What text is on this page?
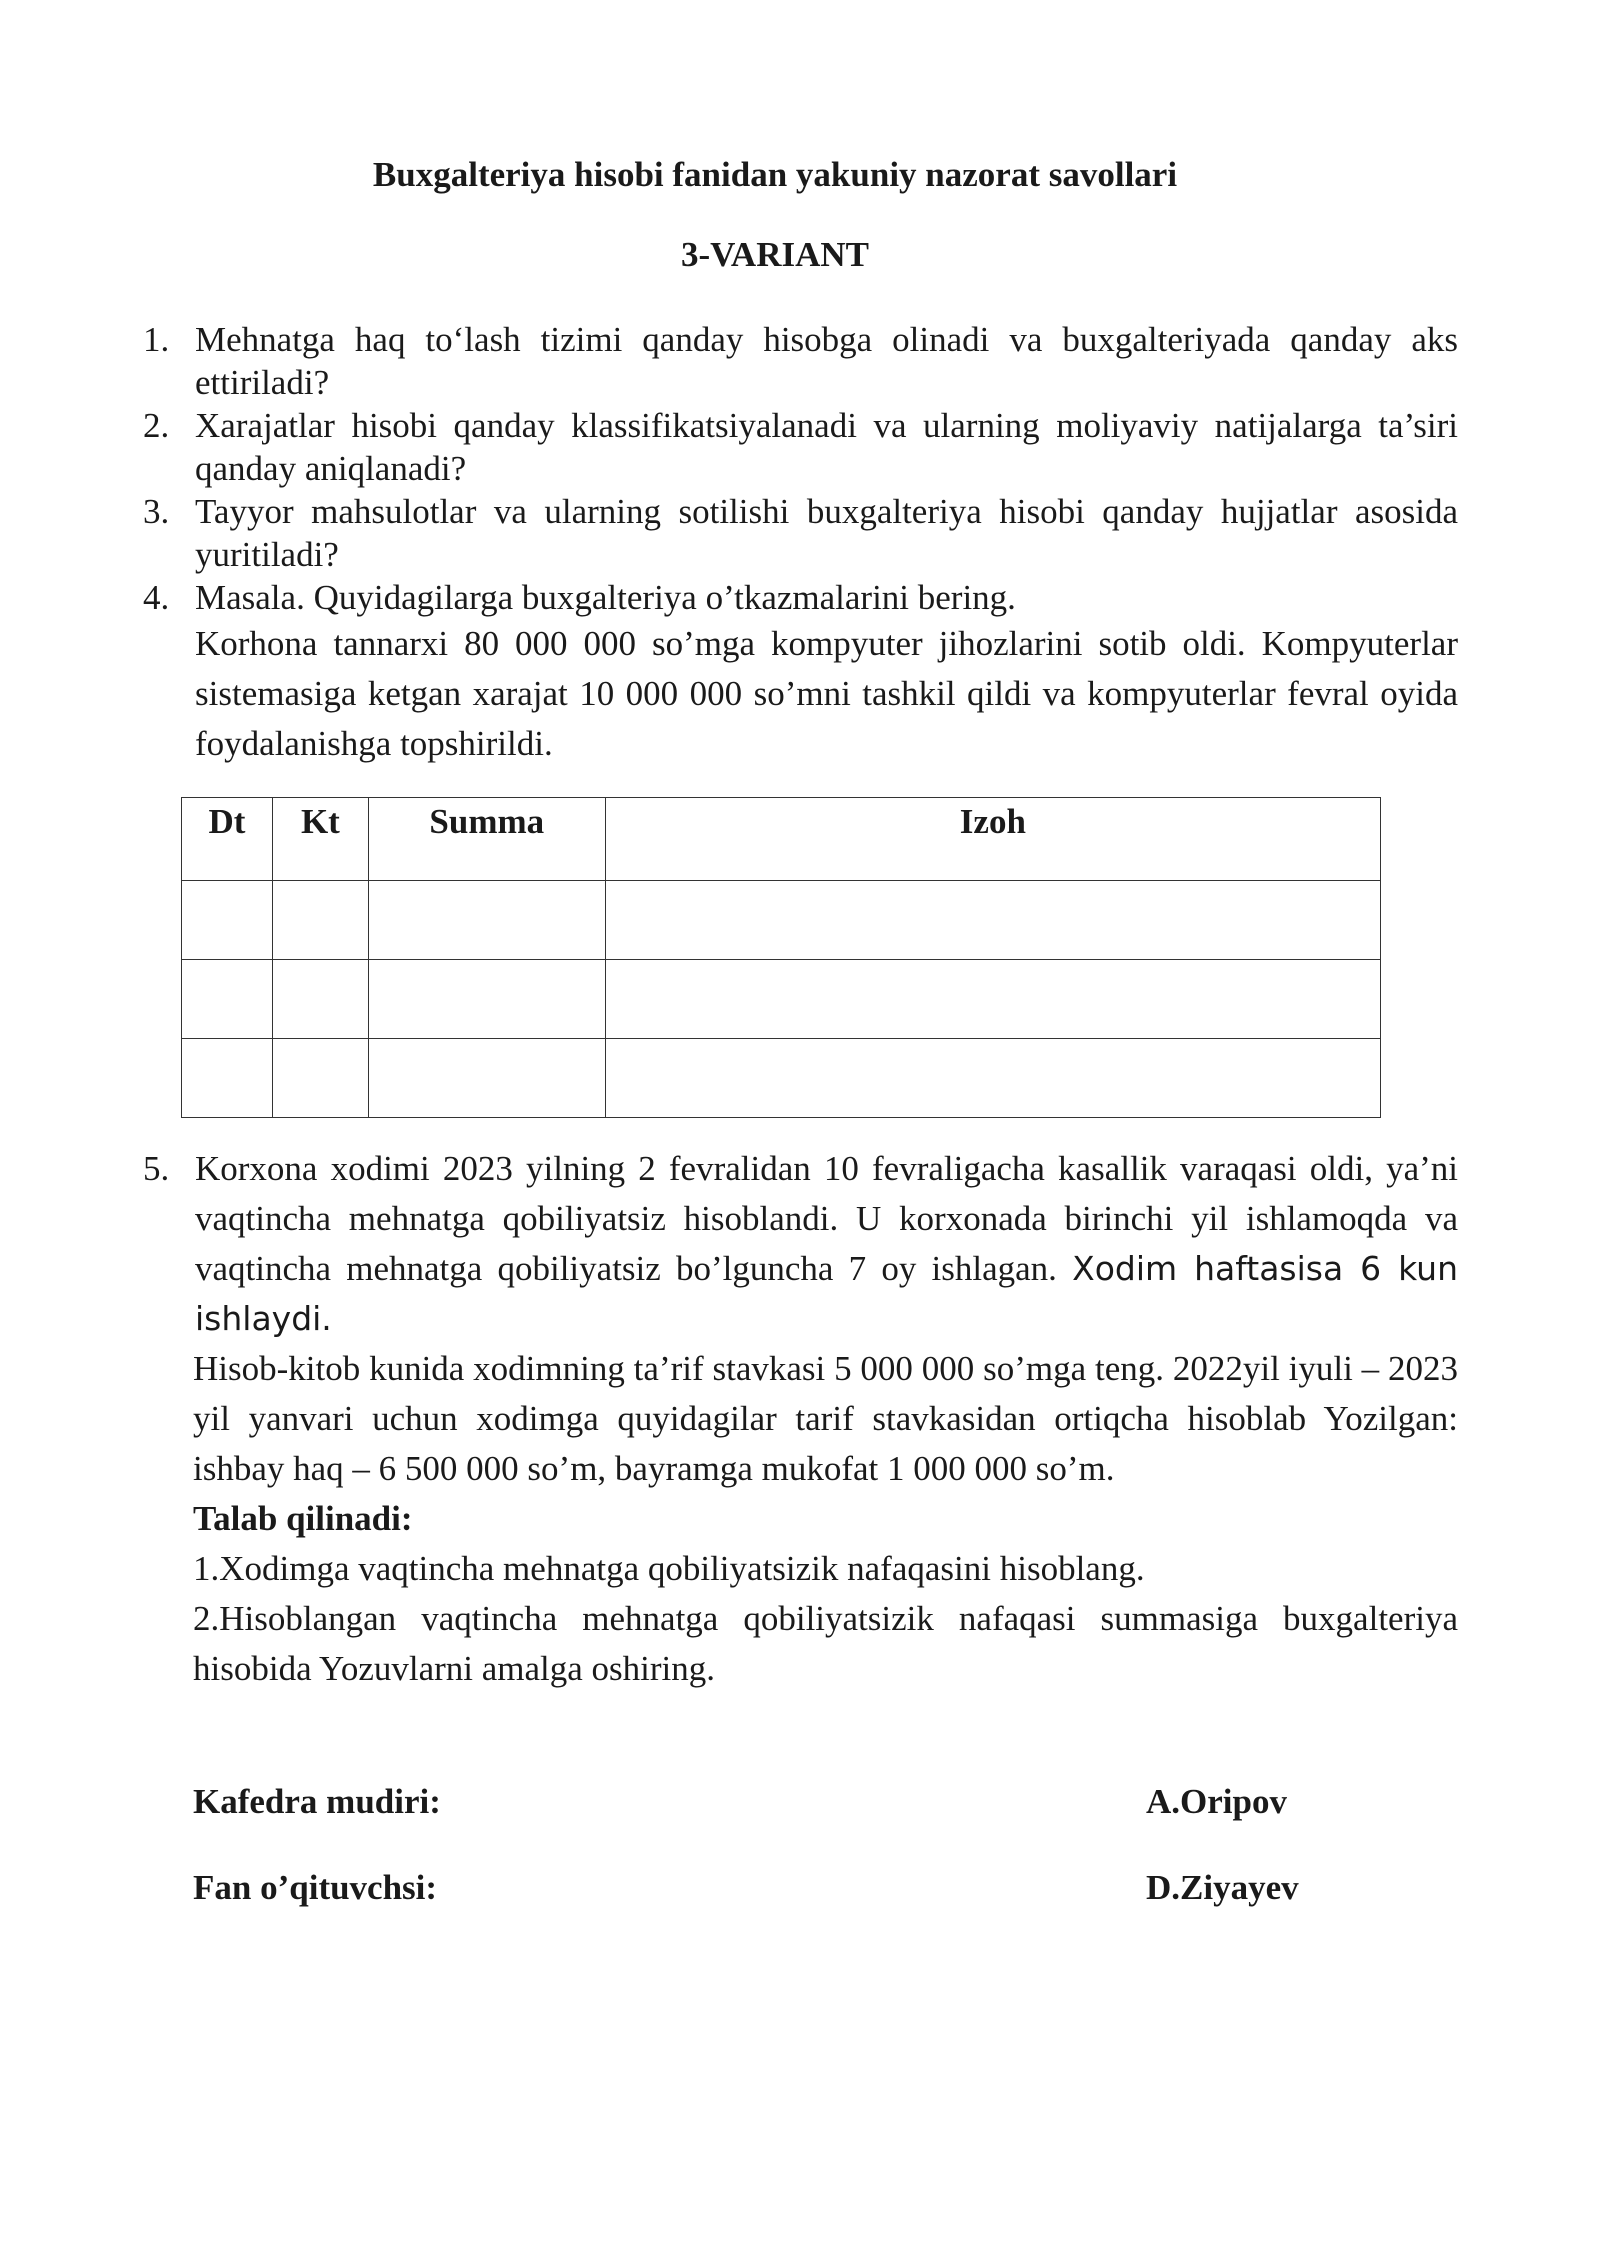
Buxgalteriya hisobi fanidan yakuniy nazorat savollari
3-VARIANT
1. Mehnatga haq to‘lash tizimi qanday hisobga olinadi va buxgalteriyada qanday aks ettiriladi?
2. Xarajatlar hisobi qanday klassifikatsiyalanadi va ularning moliyaviy natijalarga ta’siri qanday aniqlanadi?
3. Tayyor mahsulotlar va ularning sotilishi buxgalteriya hisobi qanday hujjatlar asosida yuritiladi?
4. Masala. Quyidagilarga buxgalteriya o’tkazmalarini bering.
Korhona tannarxi 80 000 000 so’mga kompyuter jihozlarini sotib oldi. Kompyuterlar sistemasiga ketgan xarajat 10 000 000 so’mni tashkil qildi va kompyuterlar fevral oyida foydalanishga topshirildi.
Dt	Kt	Summa	Izoh

5. Korxona xodimi 2023 yilning 2 fevralidan 10 fevraligacha kasallik varaqasi oldi, ya’ni vaqtincha mehnatga qobiliyatsiz hisoblandi. U korxonada birinchi yil ishlamoqda va vaqtincha mehnatga qobiliyatsiz bo’lguncha 7 oy ishlagan. Xodim haftasisa 6 kun ishlaydi.
Hisob-kitob kunida xodimning ta’rif stavkasi 5 000 000 so’mga teng. 2022yil iyuli – 2023 yil yanvari uchun xodimga quyidagilar tarif stavkasidan ortiqcha hisoblab Yozilgan: ishbay haq – 6 500 000 so’m, bayramga mukofat 1 000 000 so’m.
Talab qilinadi:
1.Xodimga vaqtincha mehnatga qobiliyatsizik nafaqasini hisoblang.
2.Hisoblangan vaqtincha mehnatga qobiliyatsizik nafaqasi summasiga buxgalteriya hisobida Yozuvlarni amalga oshiring.
Kafedra mudiri:	A.Oripov
Fan o’qituvchsi:	D.Ziyayev
